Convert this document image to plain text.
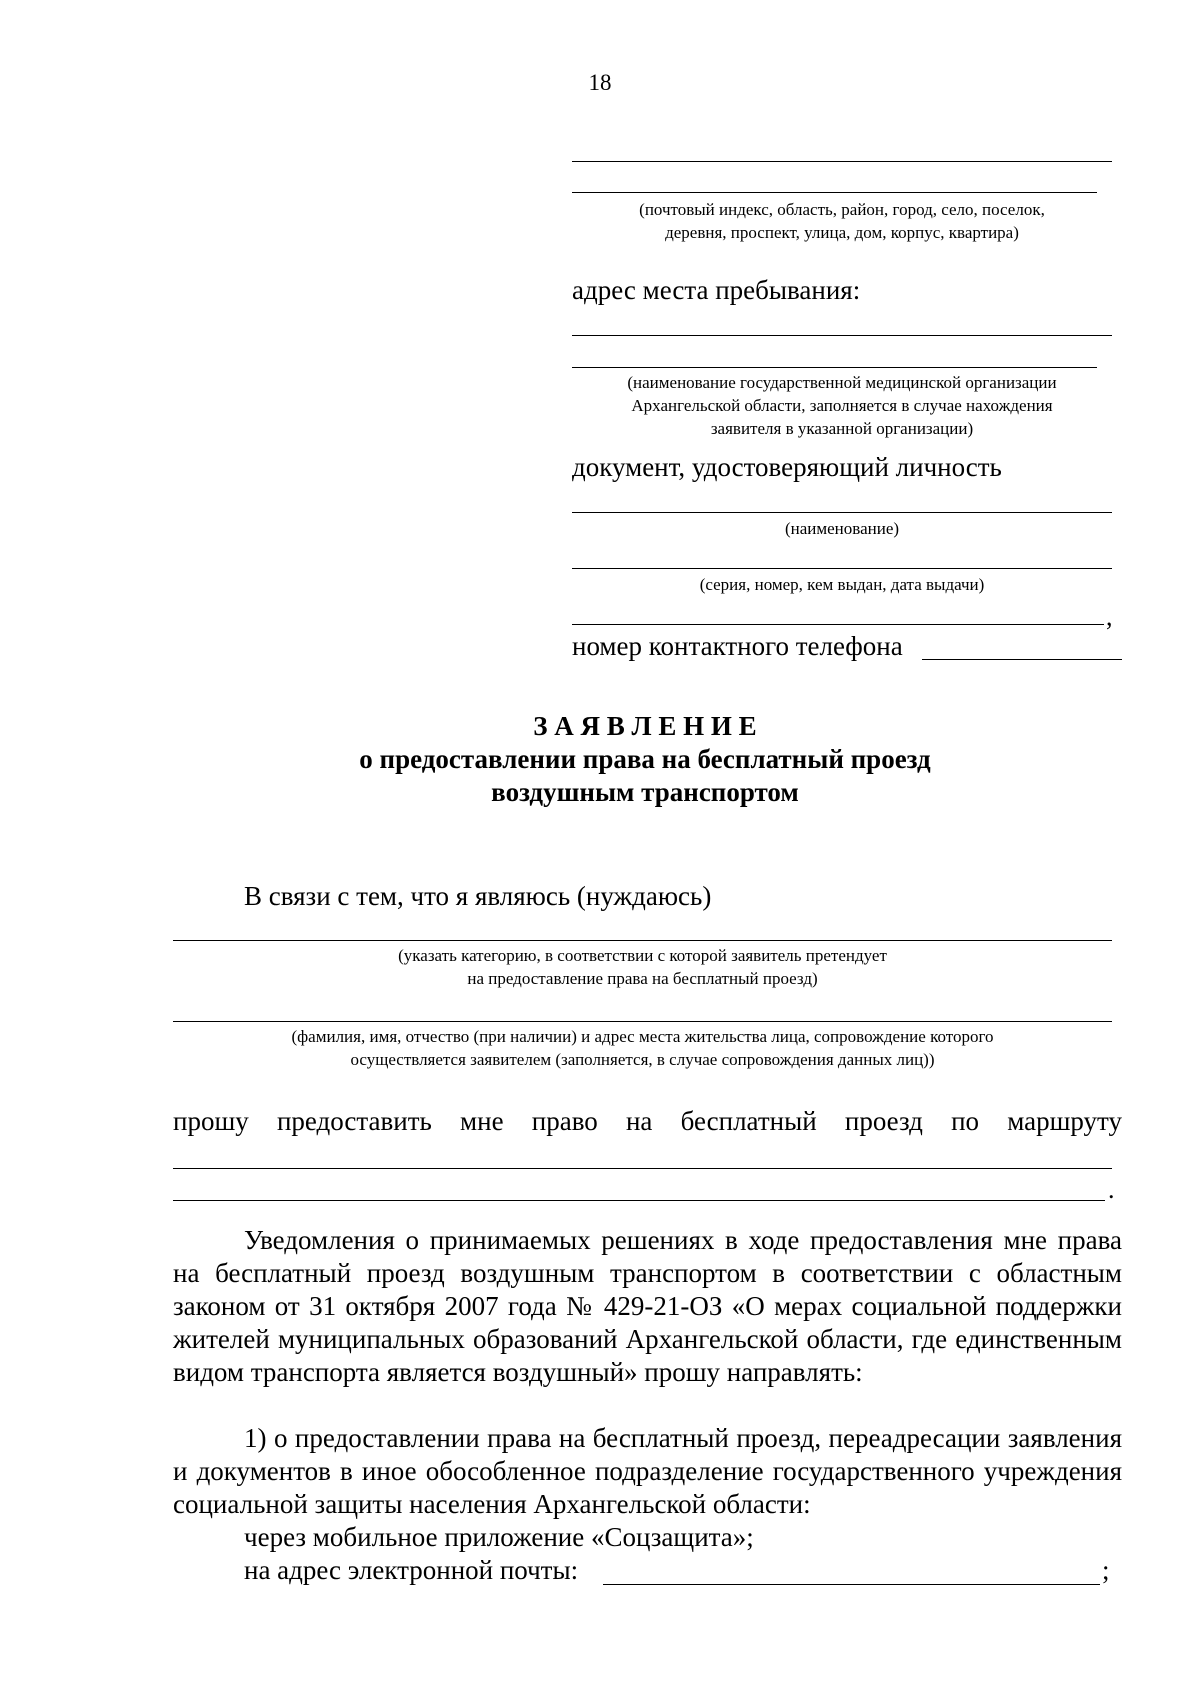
18
(почтовый индекс, область, район, город, село, поселок,
деревня, проспект, улица, дом, корпус, квартира)
адрес места пребывания:
(наименование государственной медицинской организации
Архангельской области, заполняется в случае нахождения
заявителя в указанной организации)
документ, удостоверяющий личность
(наименование)
(серия, номер, кем выдан, дата выдачи)
,
номер контактного телефона
З А Я В Л Е Н И Е
о предоставлении права на бесплатный проезд
воздушным транспортом
В связи с тем, что я являюсь (нуждаюсь)
(указать категорию, в соответствии с которой заявитель претендует
на предоставление права на бесплатный проезд)
(фамилия, имя, отчество (при наличии) и адрес места жительства лица, сопровождение которого
осуществляется заявителем (заполняется, в случае сопровождения данных лиц))
прошу предоставить мне право на бесплатный проезд по маршруту
.
Уведомления о принимаемых решениях в ходе предоставления мне права на бесплатный проезд воздушным транспортом в соответствии с областным законом от 31 октября 2007 года № 429-21-ОЗ «О мерах социальной поддержки жителей муниципальных образований Архангельской области, где единственным видом транспорта является воздушный» прошу направлять:
1) о предоставлении права на бесплатный проезд, переадресации заявления и документов в иное обособленное подразделение государственного учреждения социальной защиты населения Архангельской области:
через мобильное приложение «Соцзащита»;
на адрес электронной почты:	;
